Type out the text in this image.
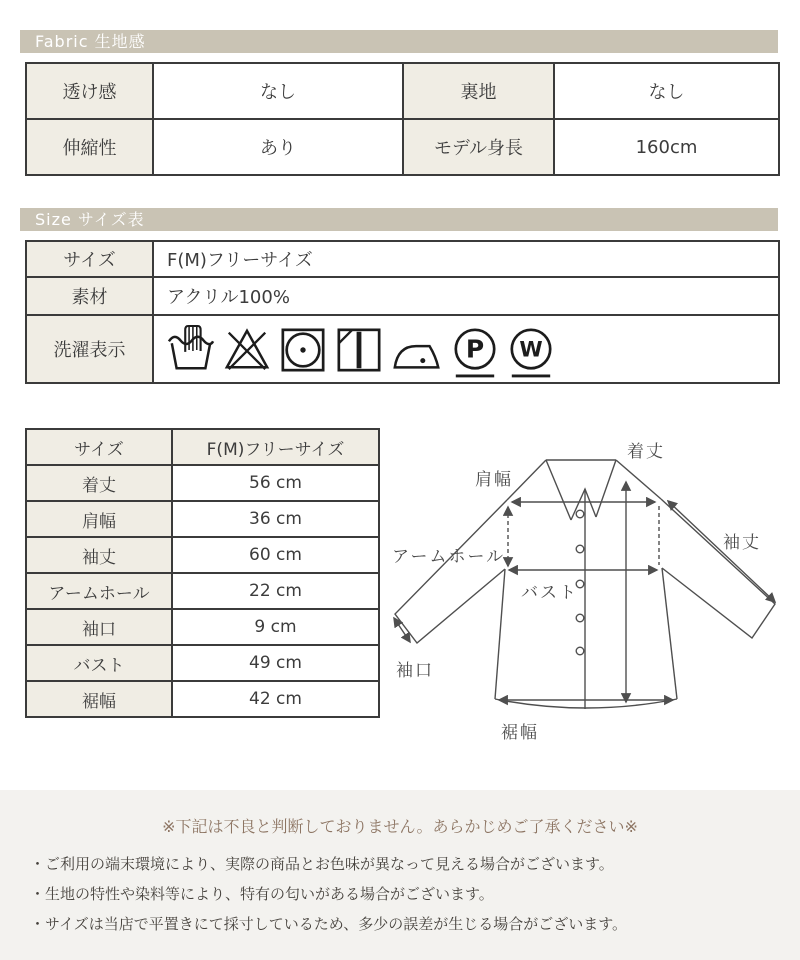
Fabric 生地感
透け感	なし	裏地	なし
伸縮性	あり	モデル身長	160cm
Size サイズ表
サイズ	F(M)フリーサイズ
素材	アクリル100%
洗濯表示	P W
サイズ	F(M)フリーサイズ
着丈	56 cm
肩幅	36 cm
袖丈	60 cm
アームホール	22 cm
袖口	9 cm
バスト	49 cm
裾幅	42 cm
肩幅
着丈
アームホール
袖丈
バスト
袖口
裾幅
※下記は不良と判断しておりません。あらかじめご了承ください※
・ご利用の端末環境により、実際の商品とお色味が異なって見える場合がございます。
・生地の特性や染料等により、特有の匂いがある場合がございます。
・サイズは当店で平置きにて採寸しているため、多少の誤差が生じる場合がございます。
